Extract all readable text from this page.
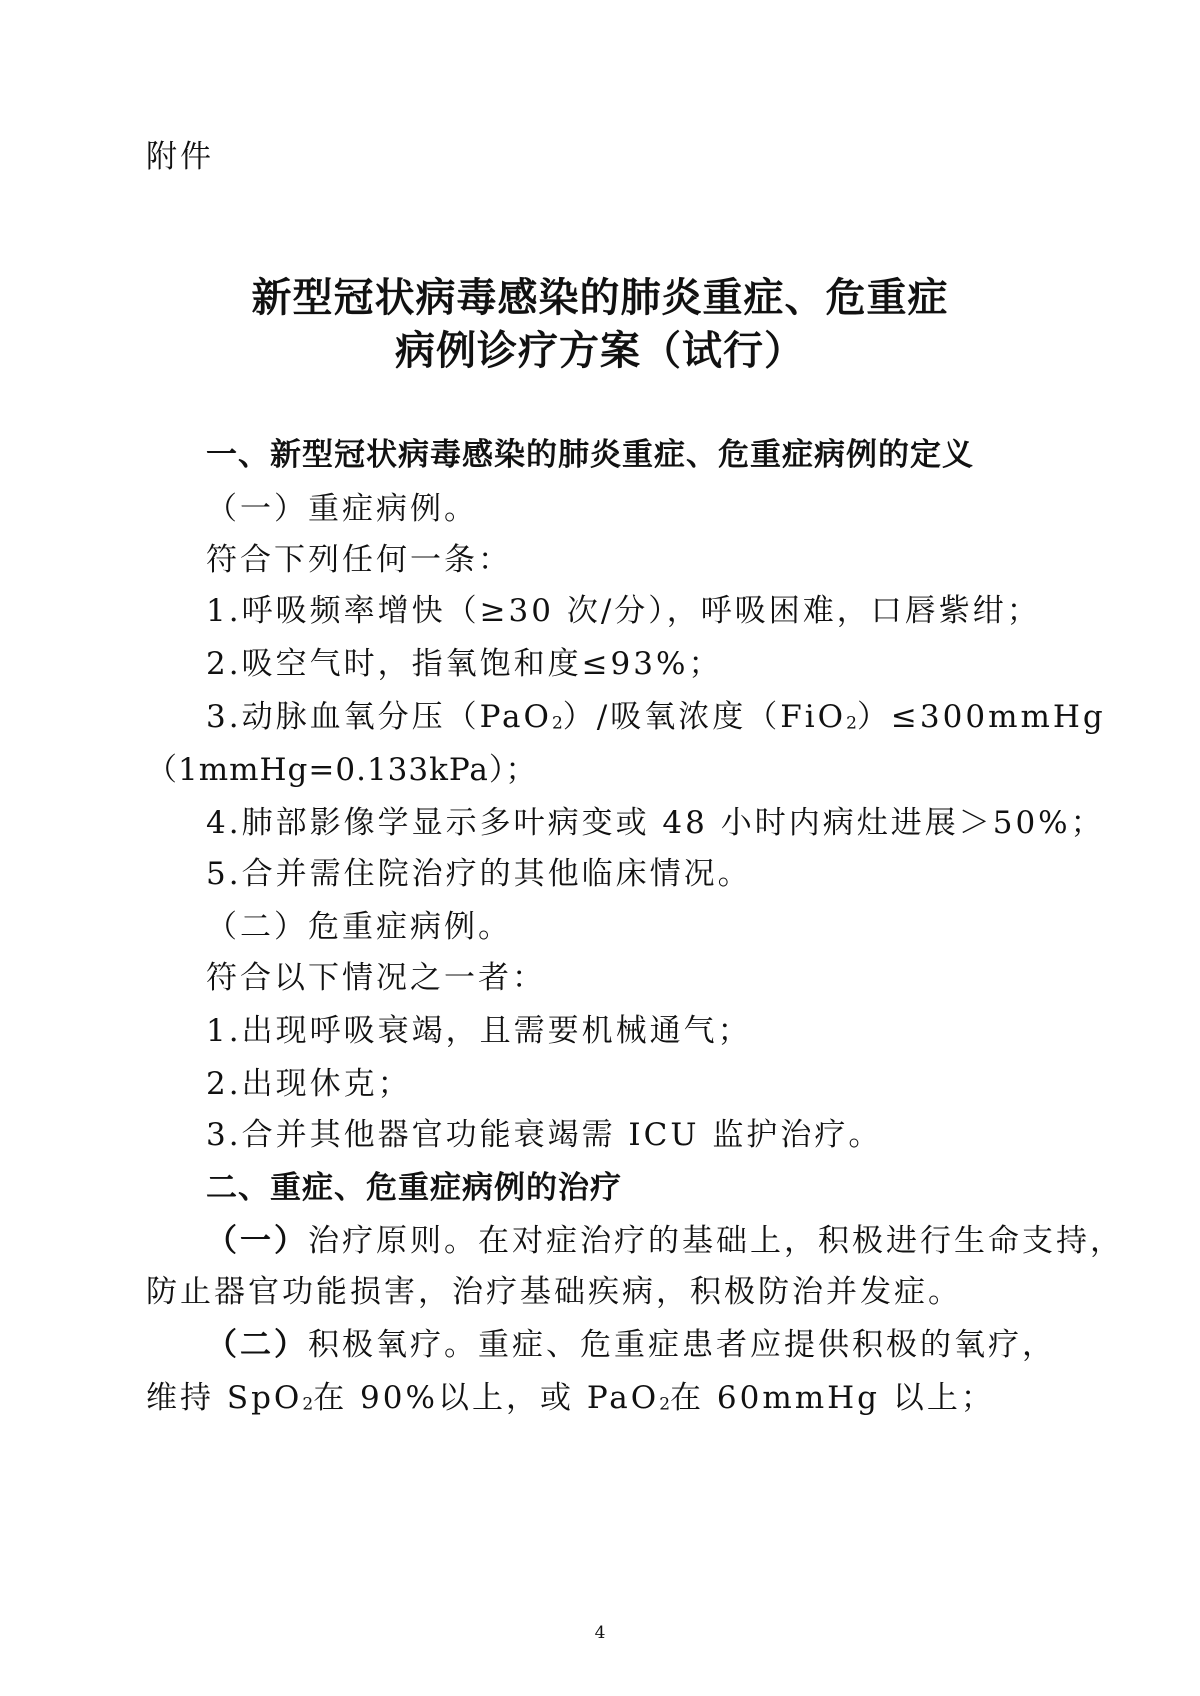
附件
新型冠状病毒感染的肺炎重症、危重症
病例诊疗方案（试行）
一、新型冠状病毒感染的肺炎重症、危重症病例的定义
（一）重症病例。
符合下列任何一条：
1.呼吸频率增快（≥30 次/分），呼吸困难，口唇紫绀；
2.吸空气时，指氧饱和度≤93%；
3.动脉血氧分压（PaO2）/吸氧浓度（FiO2）≤300mmHg
（1mmHg=0.133kPa）；
4.肺部影像学显示多叶病变或 48 小时内病灶进展＞50%；
5.合并需住院治疗的其他临床情况。
（二）危重症病例。
符合以下情况之一者：
1.出现呼吸衰竭，且需要机械通气；
2.出现休克；
3.合并其他器官功能衰竭需 ICU 监护治疗。
二、重症、危重症病例的治疗
（一）治疗原则。在对症治疗的基础上，积极进行生命支持，
防止器官功能损害，治疗基础疾病，积极防治并发症。
（二）积极氧疗。重症、危重症患者应提供积极的氧疗，
维持 SpO2在 90%以上，或 PaO2在 60mmHg 以上；
4
